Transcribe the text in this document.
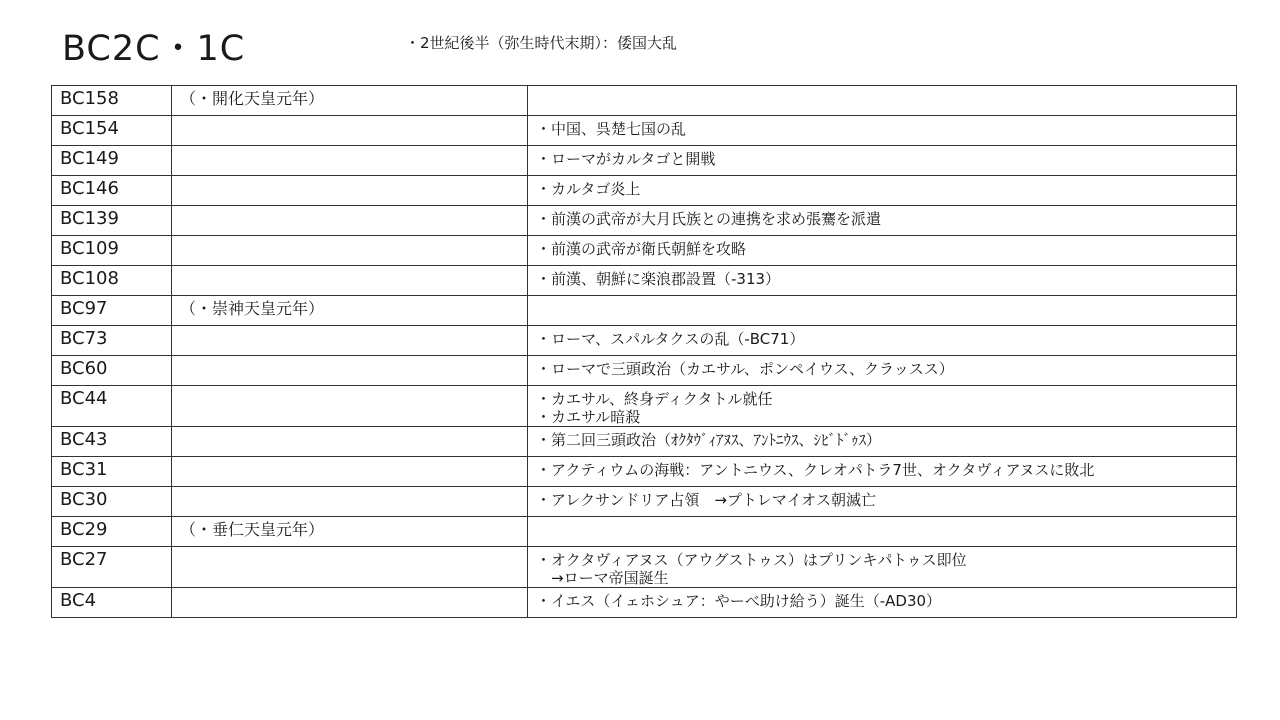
BC2C・1C	・2世紀後半（弥生時代末期）：倭国大乱
BC158	（・開化天皇元年）	
BC154		・中国、呉楚七国の乱

BC149		・ローマがカルタゴと開戦

BC146		・カルタゴ炎上

BC139		・前漢の武帝が大月氏族との連携を求め張騫を派遣

BC109		・前漢の武帝が衛氏朝鮮を攻略

BC108		・前漢、朝鮮に楽浪郡設置（-313）

BC97	（・崇神天皇元年）	
BC73		・ローマ、スパルタクスの乱（-BC71）

BC60		・ローマで三頭政治（カエサル、ポンペイウス、クラッスス）

BC44		・カエサル、終身ディクタトル就任
・カエサル暗殺

BC43		・第二回三頭政治（ｵｸﾀｳﾞｨｱﾇｽ、ｱﾝﾄﾆｳｽ、ｼﾋﾞﾄﾞｩｽ）

BC31		・アクティウムの海戦：アントニウス、クレオパトラ7世、オクタヴィアヌスに敗北

BC30		・アレクサンドリア占領　→プトレマイオス朝滅亡

BC29	（・垂仁天皇元年）	
BC27		・オクタヴィアヌス（アウグストゥス）はプリンキパトゥス即位
　→ローマ帝国誕生

BC4		・イエス（イェホシュア：やーべ助け給う）誕生（-AD30）
